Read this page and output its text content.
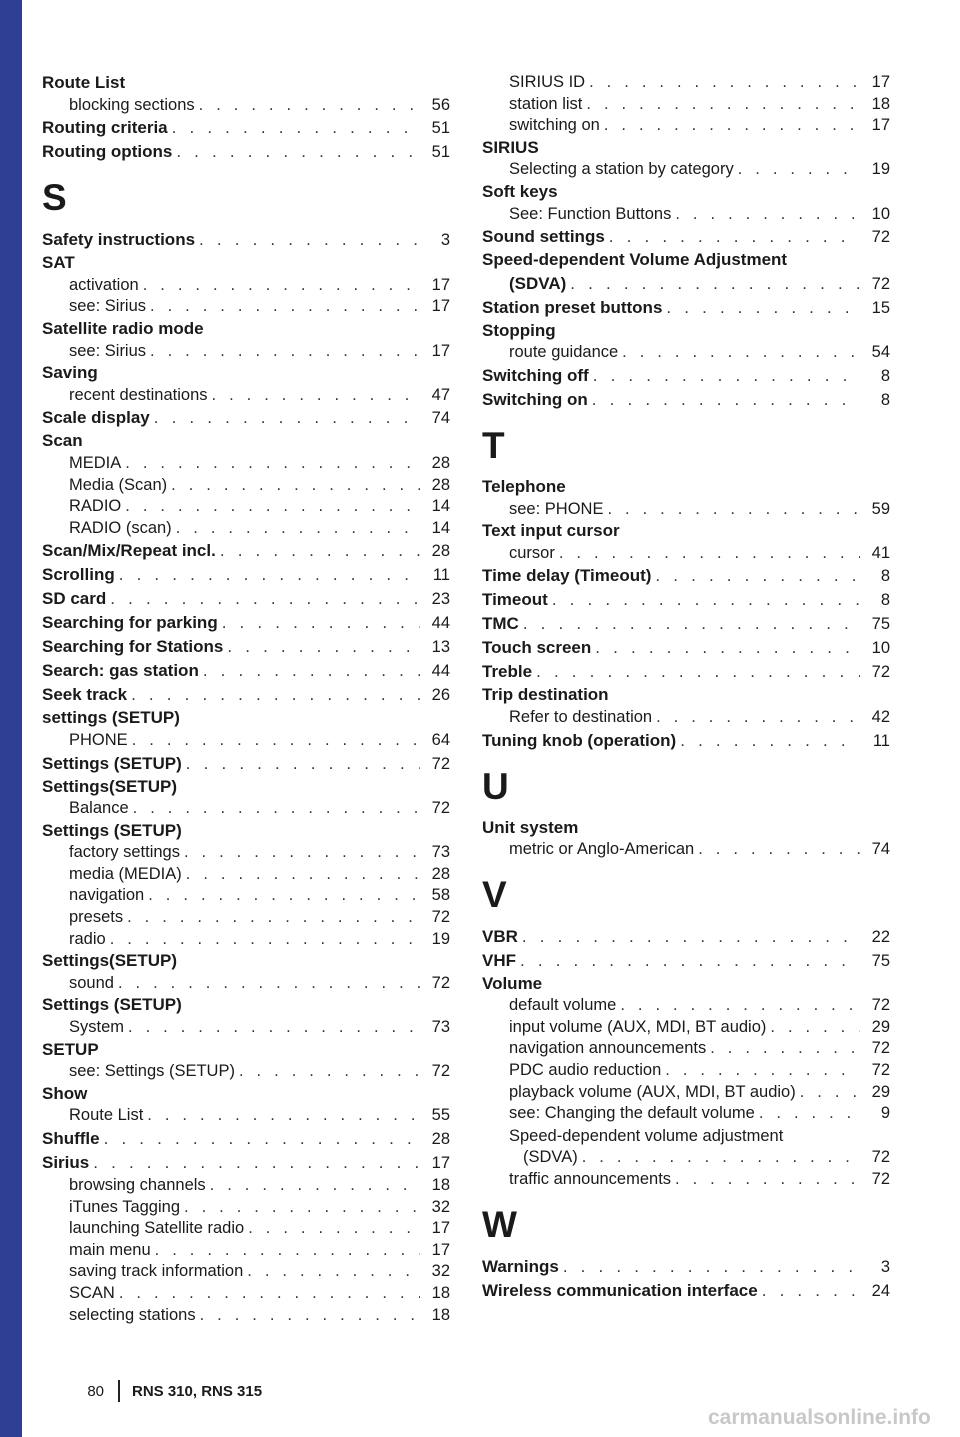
Route List
blocking sections . . .	56
Routing criteria . . .	51
Routing options . . .	51
S
Safety instructions . . .	3
SAT
activation . . .	17
see: Sirius . . .	17
Satellite radio mode
see: Sirius . . .	17
Saving
recent destinations . . .	47
Scale display . . .	74
Scan
MEDIA . . .	28
Media (Scan) . . .	28
RADIO . . .	14
RADIO (scan) . . .	14
Scan/Mix/Repeat incl. . . .	28
Scrolling . . .	11
SD card . . .	23
Searching for parking . . .	44
Searching for Stations . . .	13
Search: gas station . . .	44
Seek track . . .	26
settings (SETUP)
PHONE . . .	64
Settings (SETUP) . . .	72
Settings(SETUP)
Balance . . .	72
Settings (SETUP)
factory settings . . .	73
media (MEDIA) . . .	28
navigation . . .	58
presets . . .	72
radio . . .	19
Settings(SETUP)
sound . . .	72
Settings (SETUP)
System . . .	73
SETUP
see: Settings (SETUP) . . .	72
Show
Route List . . .	55
Shuffle . . .	28
Sirius . . .	17
browsing channels . . .	18
iTunes Tagging . . .	32
launching Satellite radio . . .	17
main menu . . .	17
saving track information . . .	32
SCAN . . .	18
selecting stations . . .	18
SIRIUS ID . . .	17
station list . . .	18
switching on . . .	17
SIRIUS
Selecting a station by category . . .	19
Soft keys
See: Function Buttons . . .	10
Sound settings . . .	72
Speed-dependent Volume Adjustment
(SDVA) . . .	72
Station preset buttons . . .	15
Stopping
route guidance . . .	54
Switching off . . .	8
Switching on . . .	8
T
Telephone
see: PHONE . . .	59
Text input cursor
cursor . . .	41
Time delay (Timeout) . . .	8
Timeout . . .	8
TMC . . .	75
Touch screen . . .	10
Treble . . .	72
Trip destination
Refer to destination . . .	42
Tuning knob (operation) . . .	11
U
Unit system
metric or Anglo-American . . .	74
V
VBR . . .	22
VHF . . .	75
Volume
default volume . . .	72
input volume (AUX, MDI, BT audio) . . .	29
navigation announcements . . .	72
PDC audio reduction . . .	72
playback volume (AUX, MDI, BT audio) . . .	29
see: Changing the default volume . . .	9
Speed-dependent volume adjustment
(SDVA) . . .	72
traffic announcements . . .	72
W
Warnings . . .	3
Wireless communication interface . . .	24
80 RNS 310, RNS 315
carmanualsonline.info
